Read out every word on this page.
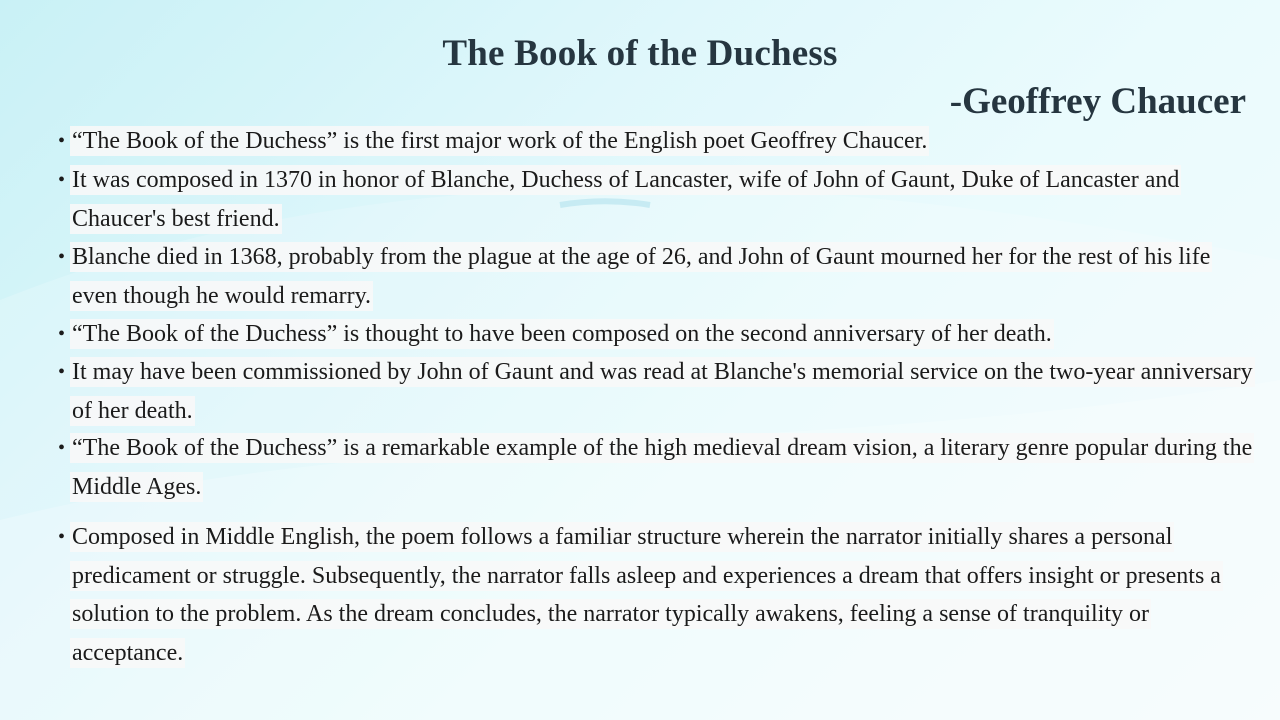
The Book of the Duchess
-Geoffrey Chaucer
• “The Book of the Duchess” is the first major work of the English poet Geoffrey Chaucer.
• It was composed in 1370 in honor of Blanche, Duchess of Lancaster, wife of John of Gaunt, Duke of Lancaster and Chaucer's best friend.
• Blanche died in 1368, probably from the plague at the age of 26, and John of Gaunt mourned her for the rest of his life even though he would remarry.
• “The Book of the Duchess” is thought to have been composed on the second anniversary of her death.
• It may have been commissioned by John of Gaunt and was read at Blanche's memorial service on the two-year anniversary of her death.
• “The Book of the Duchess” is a remarkable example of the high medieval dream vision, a literary genre popular during the Middle Ages.
• Composed in Middle English, the poem follows a familiar structure wherein the narrator initially shares a personal predicament or struggle. Subsequently, the narrator falls asleep and experiences a dream that offers insight or presents a solution to the problem. As the dream concludes, the narrator typically awakens, feeling a sense of tranquility or acceptance.
